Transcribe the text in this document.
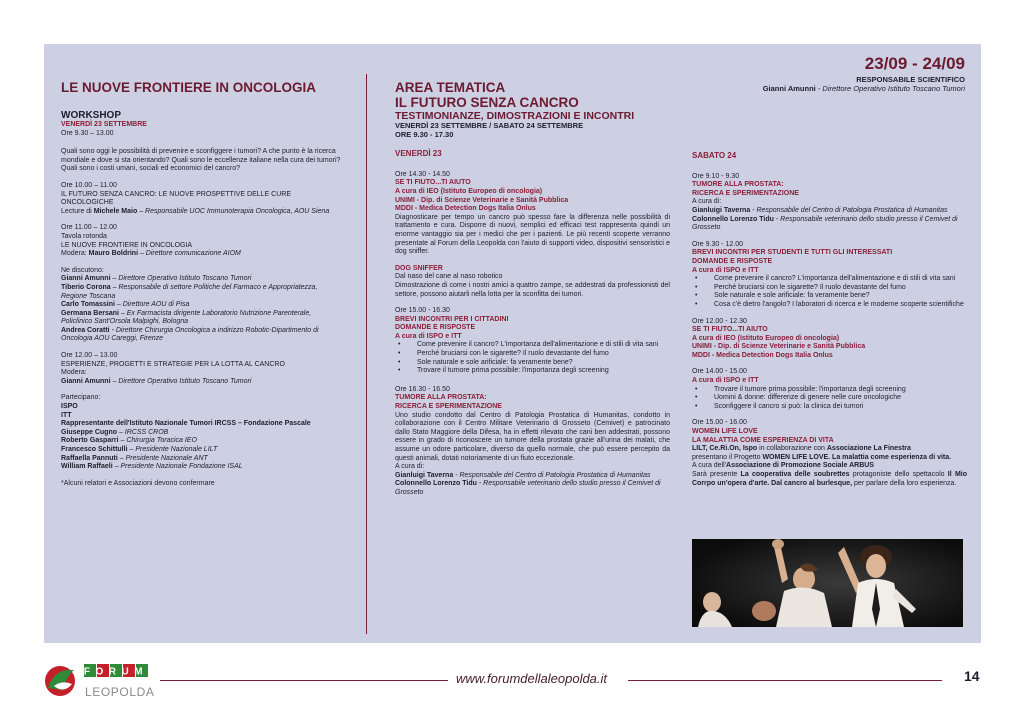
23/09 - 24/09
RESPONSABILE SCIENTIFICO
Gianni Amunni - Direttore Operativo Istituto Toscano Tumori
LE NUOVE FRONTIERE IN ONCOLOGIA
WORKSHOP
VENERDÌ 23 SETTEMBRE
Ore 9.30 – 13.00
Quali sono oggi le possibilità di prevenire e sconfiggere i tumori? A che punto è la ricerca mondiale e dove si sta orientando? Quali sono le eccellenze italiane nella cura dei tumori? Quali sono i costi umani, sociali ed economici del cancro?
Ore 10.00 – 11.00
IL FUTURO SENZA CANCRO: LE NUOVE PROSPETTIVE DELLE CURE ONCOLOGICHE
Lecture di Michele Maio – Responsabile UOC Immunoterapia Oncologica, AOU Siena
Ore 11.00 – 12.00
Tavola rotonda
LE NUOVE FRONTIERE IN ONCOLOGIA
Modera: Mauro Boldrini – Direttore comunicazione AIOM
Ne discutono:
Gianni Amunni – Direttore Operativo Istituto Toscano Tumori
Tiberio Corona – Responsabile di settore Politiche del Farmaco e Appropriatezza, Regione Toscana
Carlo Tomassini – Direttore AOU di Pisa
Germana Bersani – Ex Farmacista dirigente Laboratorio Nutrizione Parenterale, Policlinico Sant'Orsola Malpighi, Bologna
Andrea Coratti - Direttore Chirurgia Oncologica a indirizzo Robotic-Dipartimento di Oncologia AOU Careggi, Firenze
Ore 12.00 – 13.00
ESPERIENZE, PROGETTI E STRATEGIE PER LA LOTTA AL CANCRO
Modera:
Gianni Amunni – Direttore Operativo Istituto Toscano Tumori
Partecipano:
ISPO
ITT
Rappresentante dell'Istituto Nazionale Tumori IRCSS – Fondazione Pascale
Giuseppe Cugno – IRCSS CROB
Roberto Gasparri – Chirurgia Toracica IEO
Francesco Schittulli – Presidente Nazionale LILT
Raffaella Pannuti – Presidente Nazionale ANT
William Raffaeli – Presidente Nazionale Fondazione ISAL
*Alcuni relatori e Associazioni devono confermare
AREA TEMATICA
IL FUTURO SENZA CANCRO
TESTIMONIANZE, DIMOSTRAZIONI E INCONTRI
VENERDÌ 23 SETTEMBRE / SABATO 24 SETTEMBRE
ORE 9.30 - 17.30
VENERDÌ 23
Ore 14.30 - 14.50
SE TI FIUTO...TI AIUTO
A cura di IEO (Istituto Europeo di oncologia)
UNIMI - Dip. di Scienze Veterinarie e Sanità Pubblica
MDDI - Medica Detection Dogs Italia Onlus
Diagnosticare per tempo un cancro può spesso fare la differenza nelle possibilità di trattamento e cura. Disporre di nuovi, semplici ed efficaci test rappresenta quindi un enorme vantaggio sia per i medici che per i pazienti. Le più recenti scoperte verranno presentate al Forum della Leopolda con l'aiuto di supporti video, dispositivi sensoristici e dog sniffer.
DOG SNIFFER
Dal naso del cane al naso robotico
Dimostrazione di come i nostri amici a quattro zampe, se addestrati da professionisti del settore, possono aiutarli nella lotta per la sconfitta dei tumori.
Ore 15.00 - 16.30
BREVI INCONTRI PER I CITTADINI
DOMANDE E RISPOSTE
A cura di ISPO e ITT
• Come prevenire il cancro? L'importanza dell'alimentazione e di stili di vita sani
• Perché bruciarsi con le sigarette? Il ruolo devastante del fumo
• Sole naturale e sole arificiale: fa veramente bene?
• Trovare il tumore prima possibile: l'importanza degli screening
Ore 16.30 - 16.50
TUMORE ALLA PROSTATA:
RICERCA E SPERIMENTAZIONE
Uno studio condotto dal Centro di Patologia Prostatica di Humanitas, condotto in collaborazione con il Centro Militare Veterinario di Grosseto (Cemivet) e patrocinato dallo Stato Maggiore della Difesa, ha in effetti rilevato che cani ben addestrati, possono essere in grado di riconoscere un tumore della prostata grazie all'urina dei malati, che assume un odore particolare, diverso da quello normale, che può essere percepito da questi animali, dotati notoriamente di un fiuto eccezionale.
A cura di:
Gianluigi Taverna - Responsabile del Centro di Patologia Prostatica di Humanitas
Colonnello Lorenzo Tidu - Responsabile veterinario dello studio presso il Cemivet di Grosseto
SABATO 24
Ore 9.10 - 9.30
TUMORE ALLA PROSTATA:
RICERCA E SPERIMENTAZIONE
A cura di:
Gianluigi Taverna - Responsabile del Centro di Patologia Prostatica di Humanitas
Colonnello Lorenzo Tidu - Responsabile veterinario dello studio presso il Cemivet di Grosseto
Ore 9.30 - 12.00
BREVI INCONTRI PER STUDENTI E TUTTI GLI INTERESSATI
DOMANDE E RISPOSTE
A cura di ISPO e ITT
• Come prevenire il cancro? L'importanza dell'alimentazione e di stili di vita sani
• Perché bruciarsi con le sigarette? Il ruolo devastante del fumo
• Sole naturale e sole arificiale: fa veramente bene?
• Cosa c'è dietro l'angolo? I laboratori di ricerca e le moderne scoperte scientifiche
Ore 12.00 - 12.30
SE TI FIUTO...TI AIUTO
A cura di IEO (Istituto Europeo di oncologia)
UNIMI - Dip. di Scienze Veterinarie e Sanità Pubblica
MDDI - Medica Detection Dogs Italia Onlus
Ore 14.00 - 15.00
A cura di ISPO e ITT
• Trovare il tumore prima possibile: l'importanza degli screening
• Uomini & donne: differenze di genere nelle cure oncologiche
• Sconfiggere il cancro si può: la clinica dei tumori
Ore 15.00 - 16.00
WOMEN LIFE LOVE
LA MALATTIA COME ESPERIENZA DI VITA
LILT, Ce.Ri.On, Ispo in collaborazione con Associazione La Finestra
presentano il Progetto WOMEN LIFE LOVE. La malattia come esperienza di vita.
A cura dell'Associazione di Promozione Sociale ARBUS
Sarà presente La cooperativa delle soubrettes protagoniste dello spettacolo Il Mio Corrpo un'opera d'arte. Dal cancro al burlesque, per parlare della loro esperienza.
FORUM
LEOPOLDA
www.forumdellaleopolda.it	14
